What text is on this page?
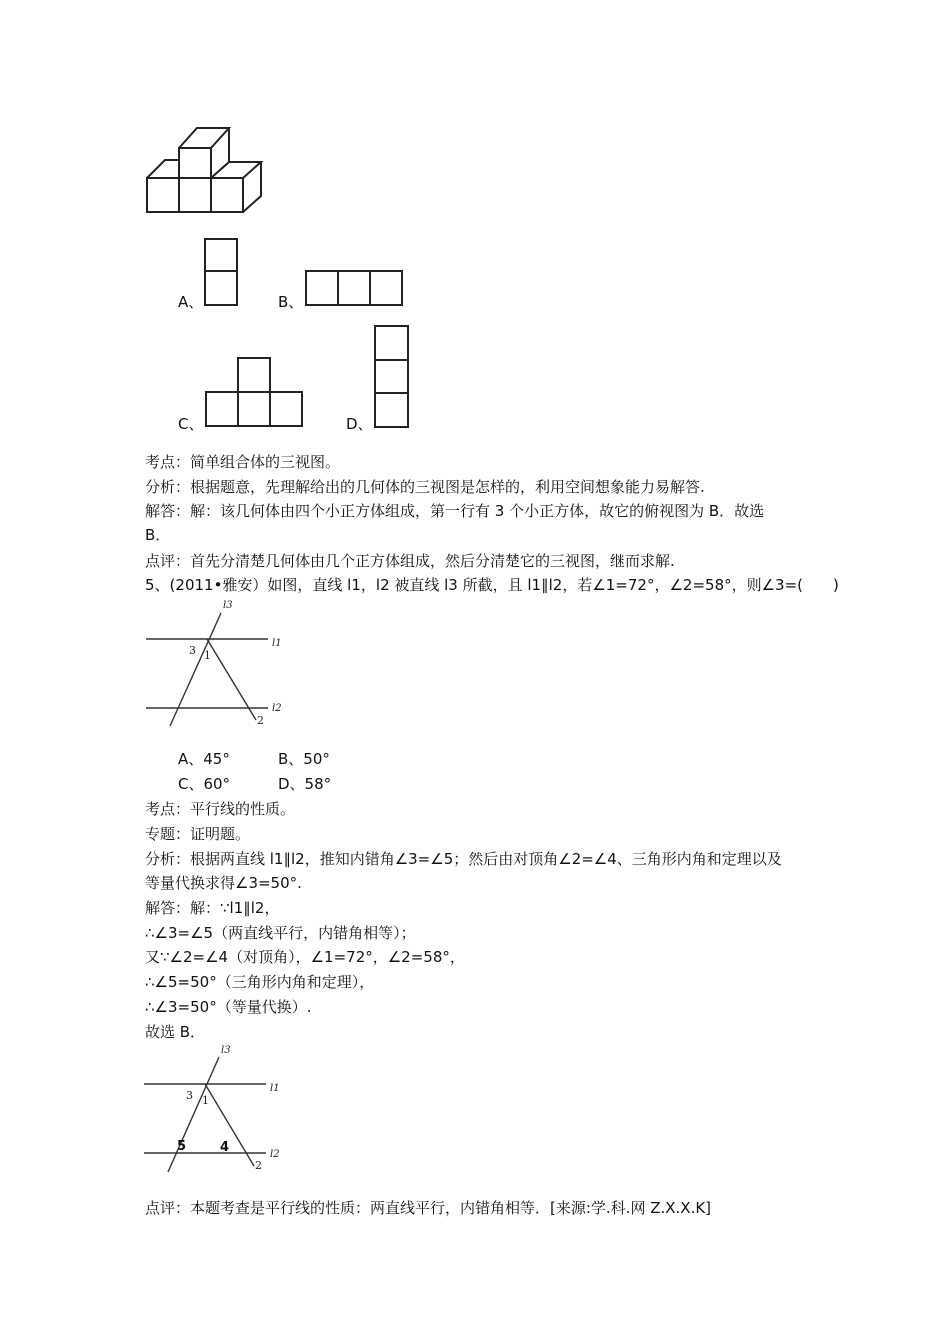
A、	B、
C、	D、
考点：简单组合体的三视图。
分析：根据题意，先理解给出的几何体的三视图是怎样的，利用空间想象能力易解答.
解答：解：该几何体由四个小正方体组成，第一行有 3 个小正方体，故它的俯视图为 B．故选
B．
点评：首先分清楚几何体由几个正方体组成，然后分清楚它的三视图，继而求解.
5、(2011•雅安）如图，直线 l1，l2 被直线 l3 所截，且 l1∥l2，若∠1=72°，∠2=58°，则∠3=(　　)
l3
l1
l2
3 1
2
A、45°	B、50°
C、60°	D、58°
考点：平行线的性质。
专题：证明题。
分析：根据两直线 l1∥l2，推知内错角∠3=∠5；然后由对顶角∠2=∠4、三角形内角和定理以及
等量代换求得∠3=50°.
解答：解：∵l1∥l2，
∴∠3=∠5（两直线平行，内错角相等）；
又∵∠2=∠4（对顶角），∠1=72°，∠2=58°，
∴∠5=50°（三角形内角和定理），
∴∠3=50°（等量代换）.
故选 B．
l3
l1
l2
3 1
2
5	4
点评：本题考查是平行线的性质：两直线平行，内错角相等．[来源:学.科.网 Z.X.X.K]
